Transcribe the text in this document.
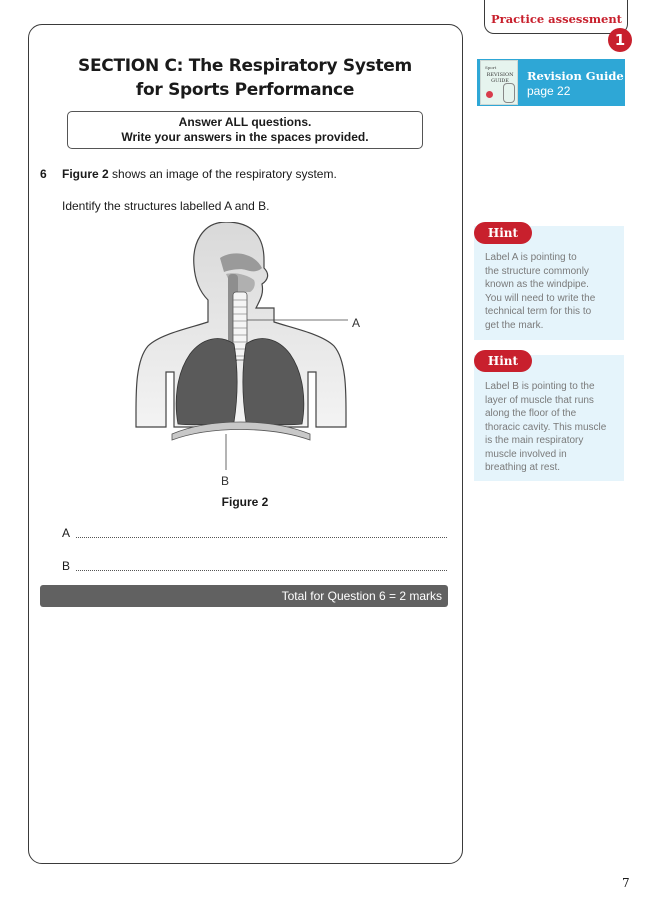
SECTION C: The Respiratory System
for Sports Performance
Answer ALL questions.
Write your answers in the spaces provided.
6 Figure 2 shows an image of the respiratory system.
Identify the structures labelled A and B.
A
B
Figure 2
A
B
Total for Question 6 = 2 marks
Practice assessment
1
Sport
REVISION GUIDE	Revision Guide
page 22
Hint
Label A is pointing to
the structure commonly
known as the windpipe.
You will need to write the
technical term for this to
get the mark.
Hint
Label B is pointing to the
layer of muscle that runs
along the floor of the
thoracic cavity. This muscle
is the main respiratory
muscle involved in
breathing at rest.
7
